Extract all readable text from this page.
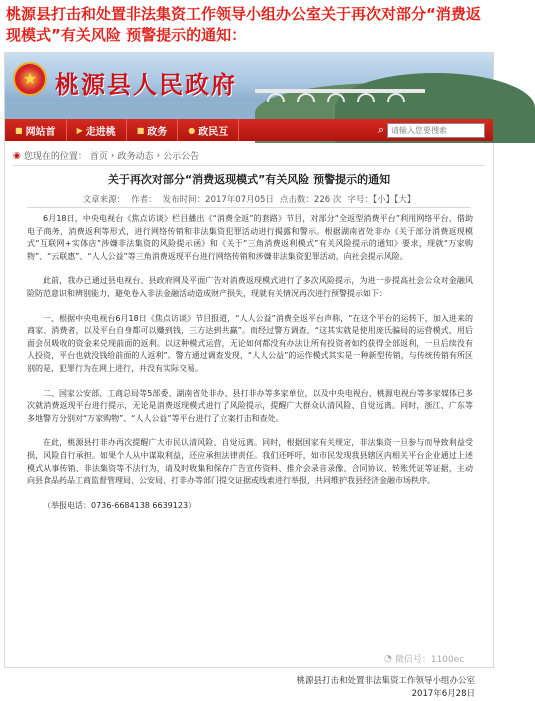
桃源县打击和处置非法集资工作领导小组办公室关于再次对部分“消费返现模式”有关风险 预警提示的通知：
★ 桃源县人民政府
■ 网站首	▶ 走进桃	■ 政务	● 政民互	⌕
请输入您要搜索
◉ 您现在的位置： 首页 › 政务动态 › 公示公告
关于再次对部分“消费返现模式”有关风险 预警提示的通知
文章来源： 作者： 发布时间：2017年07月05日 点击数：226 次 字号：【小】【大】

6月18日，中央电视台《焦点访谈》栏目播出《“消费全返”的套路》节目，对部分“全返型消费平台”利用网络平台、借助电子商务，消费返利等形式，进行网络传销和非法集资犯罪活动进行揭露和警示。根据湖南省处非办《关于部分消费返现模式“互联网+实体店”涉嫌非法集资的风险提示函》和《关于“三角消费返利模式”有关风险提示的通知》要求，现就“万家购物”、“云联惠”、“人人公益”等三角消费返现平台进行网络传销和涉嫌非法集资犯罪活动，向社会提示风险。

此前，我办已通过县电视台、县政府网及平面广告对消费返现模式进行了多次风险提示，为进一步提高社会公众对金融风险防范意识和辨别能力，避免卷入非法金融活动造成财产损失，现就有关情况再次进行预警提示如下：

一、根据中央电视台6月18日《焦点访谈》节目报道，“人人公益”消费全返平台声称，“在这个平台的运转下，加入进来的商家、消费者，以及平台自身都可以赚到钱，三方达到共赢”。而经过警方调查，“这其实就是使用庞氏骗局的运营模式，用后面会员吸收的资金来兑现前面的返利。以这种模式运营，无论如何都没有办法让所有投资者如约获得全部返利，一旦后续没有人投资，平台也就没钱给前面的人返利”。警方通过调查发现，“人人公益”的运作模式其实是一种新型传销，与传统传销有所区别的是，犯罪行为在网上进行，并没有实际交易。

二、国家公安部、工商总局等5部委、湖南省处非办、县打非办等多家单位，以及中央电视台、桃源电视台等多家媒体已多次就消费返现平台进行提示，无论是消费返现模式进行了风险提示，提醒广大群众认清风险、自觉远离。同时，浙江、广东等多地警方分别对“万家购物”、“人人公益”等平台进行了立案打击和查处。

在此，桃源县打非办再次提醒广大市民认清风险、自觉远离。同时，根据国家有关规定，非法集资一旦参与而导致利益受损，风险自行承担。如果个人从中谋取利益，还应承担法律责任。我们还呼吁，如市民发现我县辖区内相关平台企业通过上述模式从事传销、非法集资等不法行为，请及时收集和保存广告宣传资料、推介会录音录像、合同协议、转账凭证等证据，主动向县食品药品工商监督管理局、公安局、打非办等部门提交证据或线索进行举报，共同维护我县经济金融市场秩序。

（举报电话：0736-6684138 6639123）

桃源县打击和处置非法集资工作领导小组办公室
2017年6月28日
◔ 微信号：1100ec
